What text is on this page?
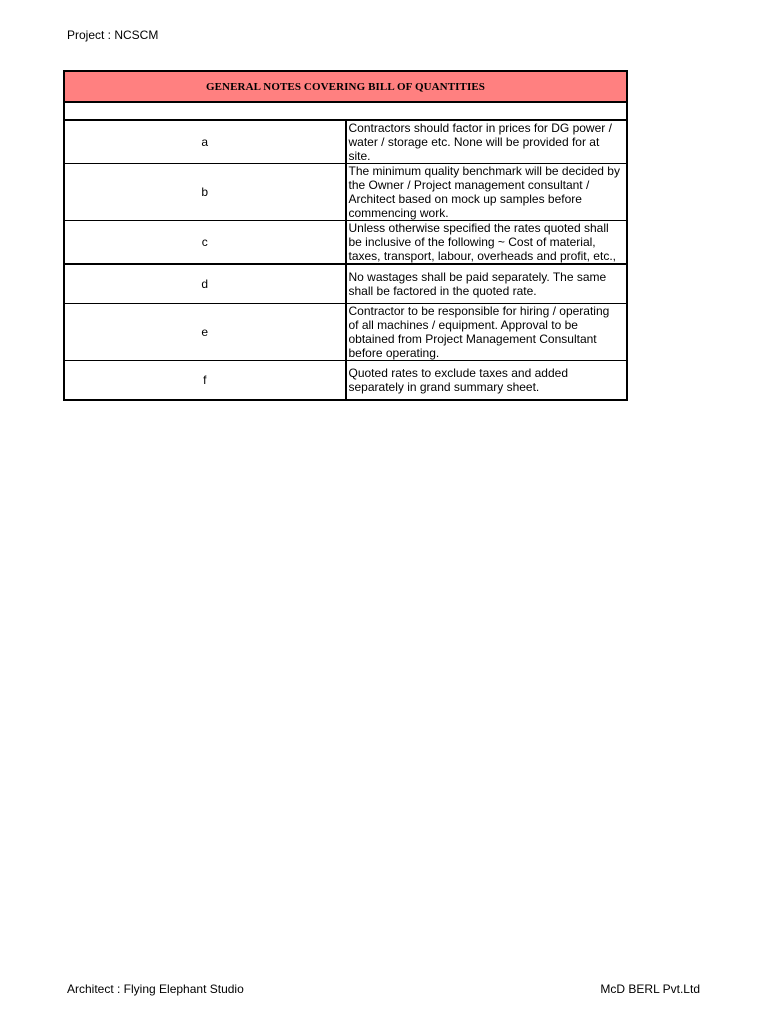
Project : NCSCM
GENERAL NOTES COVERING BILL OF QUANTITIES	

a	Contractors should factor in prices for DG power / water / storage etc. None will be provided for at site.
b	The minimum quality benchmark will be decided by the Owner / Project management consultant / Architect based on mock up samples before commencing work.
c	Unless otherwise specified the rates quoted shall be inclusive of the following ~ Cost of material, taxes, transport, labour, overheads and profit, etc.,
d	No wastages shall be paid separately. The same shall be factored in the quoted rate.
e	Contractor to be responsible for hiring / operating of all machines / equipment. Approval to be obtained from Project Management Consultant before operating.
f	Quoted rates to exclude taxes and added separately in grand summary sheet.
Architect : Flying Elephant Studio	McD BERL Pvt.Ltd
